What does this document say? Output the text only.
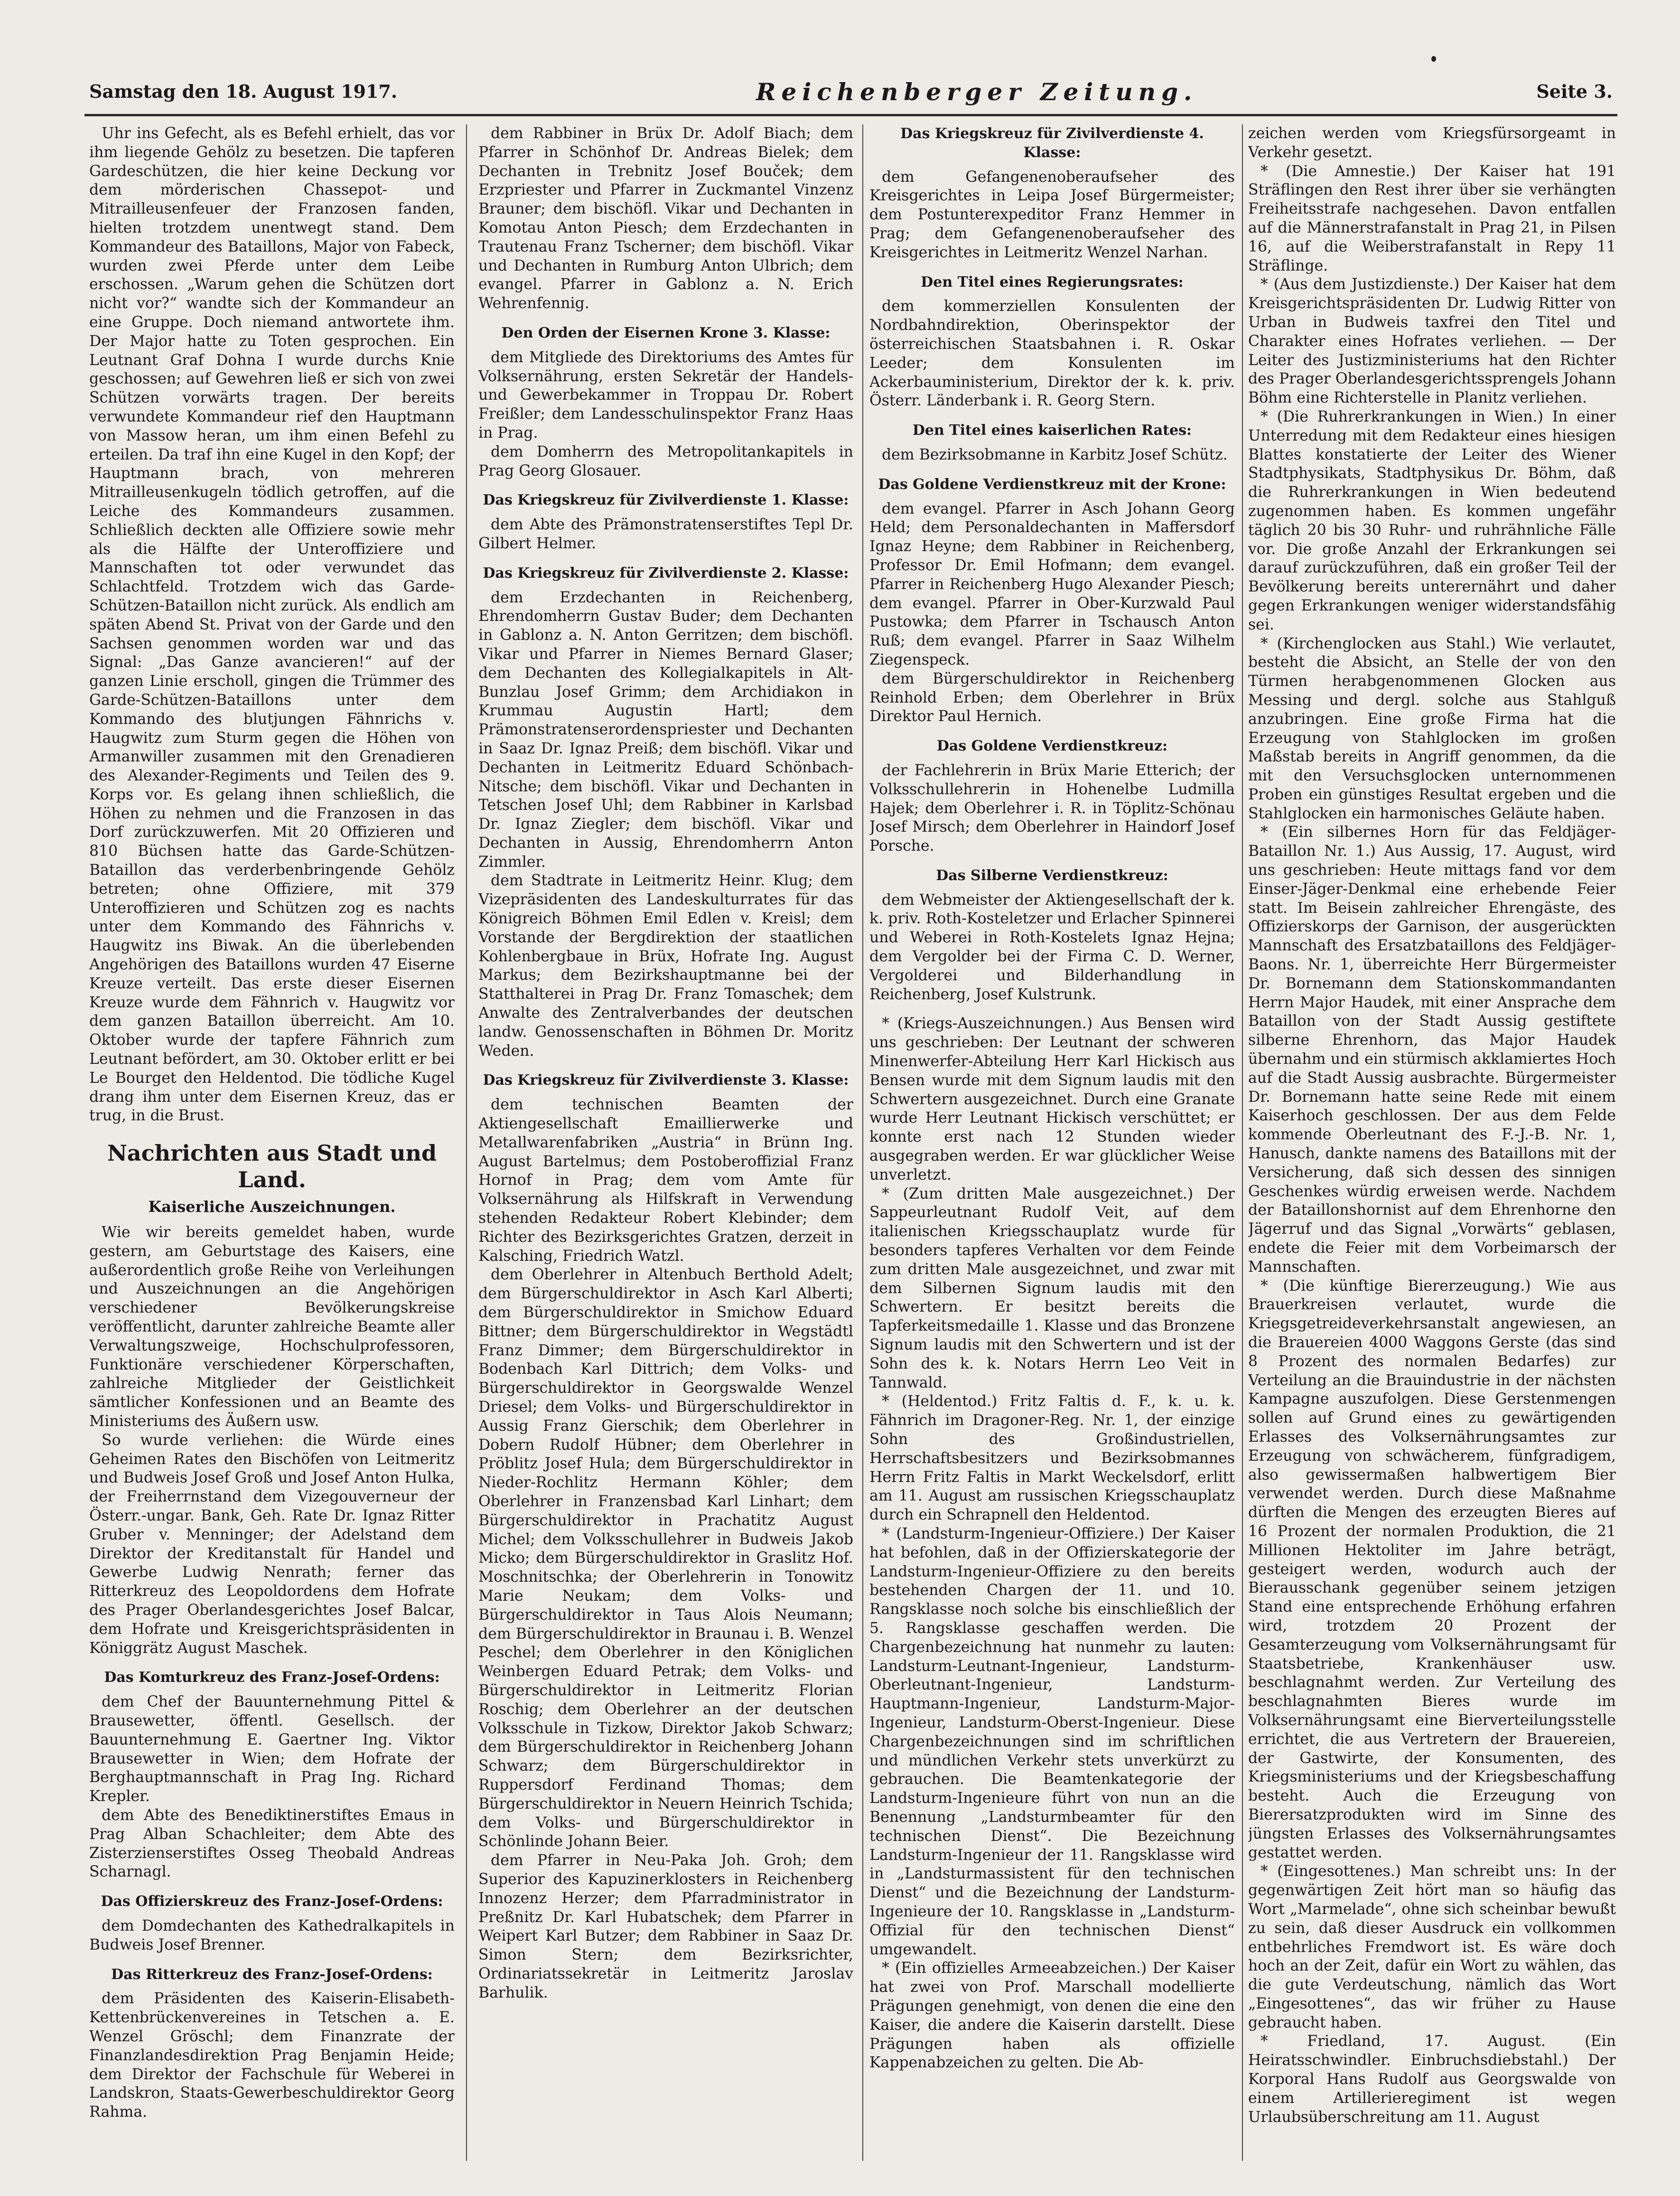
Samstag den 18. August 1917.	Reichenberger Zeitung.	Seite 3.

Uhr ins Gefecht, als es Befehl erhielt, das vor ihm liegende Gehölz zu besetzen. Die tapferen Gardeschützen, die hier keine Deckung vor dem mörderischen Chassepot- und Mitrailleusenfeuer der Franzosen fanden, hielten trotzdem unentwegt stand. Dem Kommandeur des Bataillons, Major von Fabeck, wurden zwei Pferde unter dem Leibe erschossen. „Warum gehen die Schützen dort nicht vor?“ wandte sich der Kommandeur an eine Gruppe. Doch niemand antwortete ihm. Der Major hatte zu Toten gesprochen. Ein Leutnant Graf Dohna I wurde durchs Knie geschossen; auf Gewehren ließ er sich von zwei Schützen vorwärts tragen. Der bereits verwundete Kommandeur rief den Hauptmann von Massow heran, um ihm einen Befehl zu erteilen. Da traf ihn eine Kugel in den Kopf; der Hauptmann brach, von mehreren Mitrailleusenkugeln tödlich getroffen, auf die Leiche des Kommandeurs zusammen. Schließlich deckten alle Offiziere sowie mehr als die Hälfte der Unteroffiziere und Mannschaften tot oder verwundet das Schlachtfeld. Trotzdem wich das Garde-Schützen-Bataillon nicht zurück. Als endlich am späten Abend St. Privat von der Garde und den Sachsen genommen worden war und das Signal: „Das Ganze avancieren!“ auf der ganzen Linie erscholl, gingen die Trümmer des Garde-Schützen-Bataillons unter dem Kommando des blutjungen Fähnrichs v. Haugwitz zum Sturm gegen die Höhen von Armanwiller zusammen mit den Grenadieren des Alexander-Regiments und Teilen des 9. Korps vor. Es gelang ihnen schließlich, die Höhen zu nehmen und die Franzosen in das Dorf zurückzuwerfen. Mit 20 Offizieren und 810 Büchsen hatte das Garde-Schützen-Bataillon das verderbenbringende Gehölz betreten; ohne Offiziere, mit 379 Unteroffizieren und Schützen zog es nachts unter dem Kommando des Fähnrichs v. Haugwitz ins Biwak. An die überlebenden Angehörigen des Bataillons wurden 47 Eiserne Kreuze verteilt. Das erste dieser Eisernen Kreuze wurde dem Fähnrich v. Haugwitz vor dem ganzen Bataillon überreicht. Am 10. Oktober wurde der tapfere Fähnrich zum Leutnant befördert, am 30. Oktober erlitt er bei Le Bourget den Heldentod. Die tödliche Kugel drang ihm unter dem Eisernen Kreuz, das er trug, in die Brust.

Nachrichten aus Stadt und Land.
Kaiserliche Auszeichnungen.

Wie wir bereits gemeldet haben, wurde gestern, am Geburtstage des Kaisers, eine außerordentlich große Reihe von Verleihungen und Auszeichnungen an die Angehörigen verschiedener Bevölkerungskreise veröffentlicht, darunter zahlreiche Beamte aller Verwaltungszweige, Hochschulprofessoren, Funktionäre verschiedener Körperschaften, zahlreiche Mitglieder der Geistlichkeit sämtlicher Konfessionen und an Beamte des Ministeriums des Äußern usw.

So wurde verliehen: die Würde eines Geheimen Rates den Bischöfen von Leitmeritz und Budweis Josef Groß und Josef Anton Hulka, der Freiherrnstand dem Vizegouverneur der Österr.-ungar. Bank, Geh. Rate Dr. Ignaz Ritter Gruber v. Menninger; der Adelstand dem Direktor der Kreditanstalt für Handel und Gewerbe Ludwig Nenrath; ferner das Ritterkreuz des Leopoldordens dem Hofrate des Prager Oberlandesgerichtes Josef Balcar, dem Hofrate und Kreisgerichtspräsidenten in Königgrätz August Maschek.

Das Komturkreuz des Franz-Josef-Ordens:

dem Chef der Bauunternehmung Pittel & Brausewetter, öffentl. Gesellsch. der Bauunternehmung E. Gaertner Ing. Viktor Brausewetter in Wien; dem Hofrate der Berghauptmannschaft in Prag Ing. Richard Krepler.

dem Abte des Benediktinerstiftes Emaus in Prag Alban Schachleiter; dem Abte des Zisterzienserstiftes Osseg Theobald Andreas Scharnagl.

Das Offizierskreuz des Franz-Josef-Ordens:

dem Domdechanten des Kathedralkapitels in Budweis Josef Brenner.

Das Ritterkreuz des Franz-Josef-Ordens:

dem Präsidenten des Kaiserin-Elisabeth-Kettenbrückenvereines in Tetschen a. E. Wenzel Gröschl; dem Finanzrate der Finanzlandesdirektion Prag Benjamin Heide; dem Direktor der Fachschule für Weberei in Landskron, Staats-Gewerbeschuldirektor Georg Rahma.

dem Rabbiner in Brüx Dr. Adolf Biach; dem Pfarrer in Schönhof Dr. Andreas Bielek; dem Dechanten in Trebnitz Josef Bouček; dem Erzpriester und Pfarrer in Zuckmantel Vinzenz Brauner; dem bischöfl. Vikar und Dechanten in Komotau Anton Piesch; dem Erzdechanten in Trautenau Franz Tscherner; dem bischöfl. Vikar und Dechanten in Rumburg Anton Ulbrich; dem evangel. Pfarrer in Gablonz a. N. Erich Wehrenfennig.

Den Orden der Eisernen Krone 3. Klasse:

dem Mitgliede des Direktoriums des Amtes für Volksernährung, ersten Sekretär der Handels- und Gewerbekammer in Troppau Dr. Robert Freißler; dem Landesschulinspektor Franz Haas in Prag.

dem Domherrn des Metropolitankapitels in Prag Georg Glosauer.

Das Kriegskreuz für Zivilverdienste 1. Klasse:

dem Abte des Prämonstratenserstiftes Tepl Dr. Gilbert Helmer.

Das Kriegskreuz für Zivilverdienste 2. Klasse:

dem Erzdechanten in Reichenberg, Ehrendomherrn Gustav Buder; dem Dechanten in Gablonz a. N. Anton Gerritzen; dem bischöfl. Vikar und Pfarrer in Niemes Bernard Glaser; dem Dechanten des Kollegialkapitels in Alt-Bunzlau Josef Grimm; dem Archidiakon in Krummau Augustin Hartl; dem Prämonstratenserordenspriester und Dechanten in Saaz Dr. Ignaz Preiß; dem bischöfl. Vikar und Dechanten in Leitmeritz Eduard Schönbach-Nitsche; dem bischöfl. Vikar und Dechanten in Tetschen Josef Uhl; dem Rabbiner in Karlsbad Dr. Ignaz Ziegler; dem bischöfl. Vikar und Dechanten in Aussig, Ehrendomherrn Anton Zimmler.

dem Stadtrate in Leitmeritz Heinr. Klug; dem Vizepräsidenten des Landeskulturrates für das Königreich Böhmen Emil Edlen v. Kreisl; dem Vorstande der Bergdirektion der staatlichen Kohlenbergbaue in Brüx, Hofrate Ing. August Markus; dem Bezirkshauptmanne bei der Statthalterei in Prag Dr. Franz Tomaschek; dem Anwalte des Zentralverbandes der deutschen landw. Genossenschaften in Böhmen Dr. Moritz Weden.

Das Kriegskreuz für Zivilverdienste 3. Klasse:

dem technischen Beamten der Aktiengesellschaft Emaillierwerke und Metallwarenfabriken „Austria“ in Brünn Ing. August Bartelmus; dem Postoberoffizial Franz Hornof in Prag; dem vom Amte für Volksernährung als Hilfskraft in Verwendung stehenden Redakteur Robert Klebinder; dem Richter des Bezirksgerichtes Gratzen, derzeit in Kalsching, Friedrich Watzl.

dem Oberlehrer in Altenbuch Berthold Adelt; dem Bürgerschuldirektor in Asch Karl Alberti; dem Bürgerschuldirektor in Smichow Eduard Bittner; dem Bürgerschuldirektor in Wegstädtl Franz Dimmer; dem Bürgerschuldirektor in Bodenbach Karl Dittrich; dem Volks- und Bürgerschuldirektor in Georgswalde Wenzel Driesel; dem Volks- und Bürgerschuldirektor in Aussig Franz Gierschik; dem Oberlehrer in Dobern Rudolf Hübner; dem Oberlehrer in Pröblitz Josef Hula; dem Bürgerschuldirektor in Nieder-Rochlitz Hermann Köhler; dem Oberlehrer in Franzensbad Karl Linhart; dem Bürgerschuldirektor in Prachatitz August Michel; dem Volksschullehrer in Budweis Jakob Micko; dem Bürgerschuldirektor in Graslitz Hof. Moschnitschka; der Oberlehrerin in Tonowitz Marie Neukam; dem Volks- und Bürgerschuldirektor in Taus Alois Neumann; dem Bürgerschuldirektor in Braunau i. B. Wenzel Peschel; dem Oberlehrer in den Königlichen Weinbergen Eduard Petrak; dem Volks- und Bürgerschuldirektor in Leitmeritz Florian Roschig; dem Oberlehrer an der deutschen Volksschule in Tizkow, Direktor Jakob Schwarz; dem Bürgerschuldirektor in Reichenberg Johann Schwarz; dem Bürgerschuldirektor in Ruppersdorf Ferdinand Thomas; dem Bürgerschuldirektor in Neuern Heinrich Tschida; dem Volks- und Bürgerschuldirektor in Schönlinde Johann Beier.

dem Pfarrer in Neu-Paka Joh. Groh; dem Superior des Kapuzinerklosters in Reichenberg Innozenz Herzer; dem Pfarradministrator in Preßnitz Dr. Karl Hubatschek; dem Pfarrer in Weipert Karl Butzer; dem Rabbiner in Saaz Dr. Simon Stern; dem Bezirksrichter, Ordinariatssekretär in Leitmeritz Jaroslav Barhulik.

Das Kriegskreuz für Zivilverdienste 4. Klasse:

dem Gefangenenoberaufseher des Kreisgerichtes in Leipa Josef Bürgermeister; dem Postunterexpeditor Franz Hemmer in Prag; dem Gefangenenoberaufseher des Kreisgerichtes in Leitmeritz Wenzel Narhan.

Den Titel eines Regierungsrates:

dem kommerziellen Konsulenten der Nordbahndirektion, Oberinspektor der österreichischen Staatsbahnen i. R. Oskar Leeder; dem Konsulenten im Ackerbauministerium, Direktor der k. k. priv. Österr. Länderbank i. R. Georg Stern.

Den Titel eines kaiserlichen Rates:

dem Bezirksobmanne in Karbitz Josef Schütz.

Das Goldene Verdienstkreuz mit der Krone:

dem evangel. Pfarrer in Asch Johann Georg Held; dem Personaldechanten in Maffersdorf Ignaz Heyne; dem Rabbiner in Reichenberg, Professor Dr. Emil Hofmann; dem evangel. Pfarrer in Reichenberg Hugo Alexander Piesch; dem evangel. Pfarrer in Ober-Kurzwald Paul Pustowka; dem Pfarrer in Tschausch Anton Ruß; dem evangel. Pfarrer in Saaz Wilhelm Ziegenspeck.

dem Bürgerschuldirektor in Reichenberg Reinhold Erben; dem Oberlehrer in Brüx Direktor Paul Hernich.

Das Goldene Verdienstkreuz:

der Fachlehrerin in Brüx Marie Etterich; der Volksschullehrerin in Hohenelbe Ludmilla Hajek; dem Oberlehrer i. R. in Töplitz-Schönau Josef Mirsch; dem Oberlehrer in Haindorf Josef Porsche.

Das Silberne Verdienstkreuz:

dem Webmeister der Aktiengesellschaft der k. k. priv. Roth-Kosteletzer und Erlacher Spinnerei und Weberei in Roth-Kostelets Ignaz Hejna; dem Vergolder bei der Firma C. D. Werner, Vergolderei und Bilderhandlung in Reichenberg, Josef Kulstrunk.

* (Kriegs-Auszeichnungen.) Aus Bensen wird uns geschrieben: Der Leutnant der schweren Minenwerfer-Abteilung Herr Karl Hickisch aus Bensen wurde mit dem Signum laudis mit den Schwertern ausgezeichnet. Durch eine Granate wurde Herr Leutnant Hickisch verschüttet; er konnte erst nach 12 Stunden wieder ausgegraben werden. Er war glücklicher Weise unverletzt.

* (Zum dritten Male ausgezeichnet.) Der Sappeurleutnant Rudolf Veit, auf dem italienischen Kriegsschauplatz wurde für besonders tapferes Verhalten vor dem Feinde zum dritten Male ausgezeichnet, und zwar mit dem Silbernen Signum laudis mit den Schwertern. Er besitzt bereits die Tapferkeitsmedaille 1. Klasse und das Bronzene Signum laudis mit den Schwertern und ist der Sohn des k. k. Notars Herrn Leo Veit in Tannwald.

* (Heldentod.) Fritz Faltis d. F., k. u. k. Fähnrich im Dragoner-Reg. Nr. 1, der einzige Sohn des Großindustriellen, Herrschaftsbesitzers und Bezirksobmannes Herrn Fritz Faltis in Markt Weckelsdorf, erlitt am 11. August am russischen Kriegsschauplatz durch ein Schrapnell den Heldentod.

* (Landsturm-Ingenieur-Offiziere.) Der Kaiser hat befohlen, daß in der Offizierskategorie der Landsturm-Ingenieur-Offiziere zu den bereits bestehenden Chargen der 11. und 10. Rangsklasse noch solche bis einschließlich der 5. Rangsklasse geschaffen werden. Die Chargenbezeichnung hat nunmehr zu lauten: Landsturm-Leutnant-Ingenieur, Landsturm-Oberleutnant-Ingenieur, Landsturm-Hauptmann-Ingenieur, Landsturm-Major-Ingenieur, Landsturm-Oberst-Ingenieur. Diese Chargenbezeichnungen sind im schriftlichen und mündlichen Verkehr stets unverkürzt zu gebrauchen. Die Beamtenkategorie der Landsturm-Ingenieure führt von nun an die Benennung „Landsturmbeamter für den technischen Dienst“. Die Bezeichnung Landsturm-Ingenieur der 11. Rangsklasse wird in „Landsturmassistent für den technischen Dienst“ und die Bezeichnung der Landsturm-Ingenieure der 10. Rangsklasse in „Landsturm-Offizial für den technischen Dienst“ umgewandelt.

* (Ein offizielles Armeeabzeichen.) Der Kaiser hat zwei von Prof. Marschall modellierte Prägungen genehmigt, von denen die eine den Kaiser, die andere die Kaiserin darstellt. Diese Prägungen haben als offizielle Kappenabzeichen zu gelten. Die Ab-

zeichen werden vom Kriegsfürsorgeamt in Verkehr gesetzt.

* (Die Amnestie.) Der Kaiser hat 191 Sträflingen den Rest ihrer über sie verhängten Freiheitsstrafe nachgesehen. Davon entfallen auf die Männerstrafanstalt in Prag 21, in Pilsen 16, auf die Weiberstrafanstalt in Repy 11 Sträflinge.

* (Aus dem Justizdienste.) Der Kaiser hat dem Kreisgerichtspräsidenten Dr. Ludwig Ritter von Urban in Budweis taxfrei den Titel und Charakter eines Hofrates verliehen. — Der Leiter des Justizministeriums hat den Richter des Prager Oberlandesgerichtssprengels Johann Böhm eine Richterstelle in Planitz verliehen.

* (Die Ruhrerkrankungen in Wien.) In einer Unterredung mit dem Redakteur eines hiesigen Blattes konstatierte der Leiter des Wiener Stadtphysikats, Stadtphysikus Dr. Böhm, daß die Ruhrerkrankungen in Wien bedeutend zugenommen haben. Es kommen ungefähr täglich 20 bis 30 Ruhr- und ruhrähnliche Fälle vor. Die große Anzahl der Erkrankungen sei darauf zurückzuführen, daß ein großer Teil der Bevölkerung bereits unterernährt und daher gegen Erkrankungen weniger widerstandsfähig sei.

* (Kirchenglocken aus Stahl.) Wie verlautet, besteht die Absicht, an Stelle der von den Türmen herabgenommenen Glocken aus Messing und dergl. solche aus Stahlguß anzubringen. Eine große Firma hat die Erzeugung von Stahlglocken im großen Maßstab bereits in Angriff genommen, da die mit den Versuchsglocken unternommenen Proben ein günstiges Resultat ergeben und die Stahlglocken ein harmonisches Geläute haben.

* (Ein silbernes Horn für das Feldjäger-Bataillon Nr. 1.) Aus Aussig, 17. August, wird uns geschrieben: Heute mittags fand vor dem Einser-Jäger-Denkmal eine erhebende Feier statt. Im Beisein zahlreicher Ehrengäste, des Offizierskorps der Garnison, der ausgerückten Mannschaft des Ersatzbataillons des Feldjäger-Baons. Nr. 1, überreichte Herr Bürgermeister Dr. Bornemann dem Stationskommandanten Herrn Major Haudek, mit einer Ansprache dem Bataillon von der Stadt Aussig gestiftete silberne Ehrenhorn, das Major Haudek übernahm und ein stürmisch akklamiertes Hoch auf die Stadt Aussig ausbrachte. Bürgermeister Dr. Bornemann hatte seine Rede mit einem Kaiserhoch geschlossen. Der aus dem Felde kommende Oberleutnant des F.-J.-B. Nr. 1, Hanusch, dankte namens des Bataillons mit der Versicherung, daß sich dessen des sinnigen Geschenkes würdig erweisen werde. Nachdem der Bataillonshornist auf dem Ehrenhorne den Jägerruf und das Signal „Vorwärts“ geblasen, endete die Feier mit dem Vorbeimarsch der Mannschaften.

* (Die künftige Biererzeugung.) Wie aus Brauerkreisen verlautet, wurde die Kriegsgetreideverkehrsanstalt angewiesen, an die Brauereien 4000 Waggons Gerste (das sind 8 Prozent des normalen Bedarfes) zur Verteilung an die Brauindustrie in der nächsten Kampagne auszufolgen. Diese Gerstenmengen sollen auf Grund eines zu gewärtigenden Erlasses des Volksernährungsamtes zur Erzeugung von schwächerem, fünfgradigem, also gewissermaßen halbwertigem Bier verwendet werden. Durch diese Maßnahme dürften die Mengen des erzeugten Bieres auf 16 Prozent der normalen Produktion, die 21 Millionen Hektoliter im Jahre beträgt, gesteigert werden, wodurch auch der Bierausschank gegenüber seinem jetzigen Stand eine entsprechende Erhöhung erfahren wird, trotzdem 20 Prozent der Gesamterzeugung vom Volksernährungsamt für Staatsbetriebe, Krankenhäuser usw. beschlagnahmt werden. Zur Verteilung des beschlagnahmten Bieres wurde im Volksernährungsamt eine Bierverteilungsstelle errichtet, die aus Vertretern der Brauereien, der Gastwirte, der Konsumenten, des Kriegsministeriums und der Kriegsbeschaffung besteht. Auch die Erzeugung von Bierersatzprodukten wird im Sinne des jüngsten Erlasses des Volksernährungsamtes gestattet werden.

* (Eingesottenes.) Man schreibt uns: In der gegenwärtigen Zeit hört man so häufig das Wort „Marmelade“, ohne sich scheinbar bewußt zu sein, daß dieser Ausdruck ein vollkommen entbehrliches Fremdwort ist. Es wäre doch hoch an der Zeit, dafür ein Wort zu wählen, das die gute Verdeutschung, nämlich das Wort „Eingesottenes“, das wir früher zu Hause gebraucht haben.

* Friedland, 17. August. (Ein Heiratsschwindler. Einbruchsdiebstahl.) Der Korporal Hans Rudolf aus Georgswalde von einem Artillerieregiment ist wegen Urlaubsüberschreitung am 11. August
